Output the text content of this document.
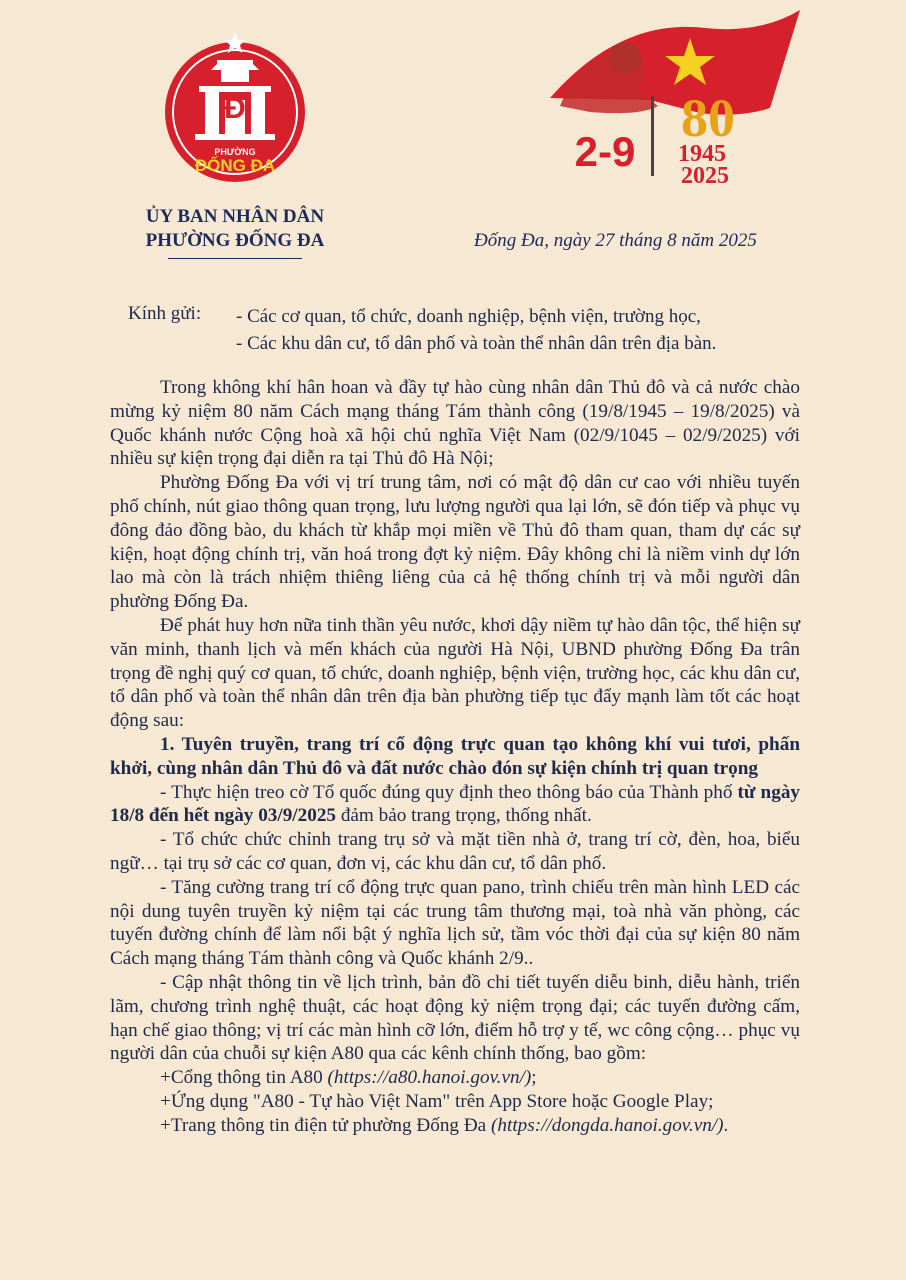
Đ
PHƯỜNG
ĐỐNG ĐA	2-9
80
1945
2025
ỦY BAN NHÂN DÂN
PHƯỜNG ĐỐNG ĐA	Đống Đa, ngày 27 tháng 8 năm 2025
Kính gửi: - Các cơ quan, tổ chức, doanh nghiệp, bệnh viện, trường học,
- Các khu dân cư, tổ dân phố và toàn thể nhân dân trên địa bàn.

Trong không khí hân hoan và đầy tự hào cùng nhân dân Thủ đô và cả nước chào mừng kỷ niệm 80 năm Cách mạng tháng Tám thành công (19/8/1945 – 19/8/2025) và Quốc khánh nước Cộng hoà xã hội chủ nghĩa Việt Nam (02/9/1045 – 02/9/2025) với nhiều sự kiện trọng đại diễn ra tại Thủ đô Hà Nội;

Phường Đống Đa với vị trí trung tâm, nơi có mật độ dân cư cao với nhiều tuyến phố chính, nút giao thông quan trọng, lưu lượng người qua lại lớn, sẽ đón tiếp và phục vụ đông đảo đồng bào, du khách từ khắp mọi miền về Thủ đô tham quan, tham dự các sự kiện, hoạt động chính trị, văn hoá trong đợt kỷ niệm. Đây không chỉ là niềm vinh dự lớn lao mà còn là trách nhiệm thiêng liêng của cả hệ thống chính trị và mỗi người dân phường Đống Đa.

Để phát huy hơn nữa tinh thần yêu nước, khơi dậy niềm tự hào dân tộc, thể hiện sự văn minh, thanh lịch và mến khách của người Hà Nội, UBND phường Đống Đa trân trọng đề nghị quý cơ quan, tổ chức, doanh nghiệp, bệnh viện, trường học, các khu dân cư, tổ dân phố và toàn thể nhân dân trên địa bàn phường tiếp tục đẩy mạnh làm tốt các hoạt động sau:

1. Tuyên truyền, trang trí cổ động trực quan tạo không khí vui tươi, phấn khởi, cùng nhân dân Thủ đô và đất nước chào đón sự kiện chính trị quan trọng

- Thực hiện treo cờ Tổ quốc đúng quy định theo thông báo của Thành phố từ ngày 18/8 đến hết ngày 03/9/2025 đảm bảo trang trọng, thống nhất.

- Tổ chức chức chỉnh trang trụ sở và mặt tiền nhà ở, trang trí cờ, đèn, hoa, biểu ngữ… tại trụ sở các cơ quan, đơn vị, các khu dân cư, tổ dân phố.

- Tăng cường trang trí cổ động trực quan pano, trình chiếu trên màn hình LED các nội dung tuyên truyền kỷ niệm tại các trung tâm thương mại, toà nhà văn phòng, các tuyến đường chính để làm nổi bật ý nghĩa lịch sử, tầm vóc thời đại của sự kiện 80 năm Cách mạng tháng Tám thành công và Quốc khánh 2/9..

- Cập nhật thông tin về lịch trình, bản đồ chi tiết tuyến diễu binh, diễu hành, triển lãm, chương trình nghệ thuật, các hoạt động kỷ niệm trọng đại; các tuyến đường cấm, hạn chế giao thông; vị trí các màn hình cỡ lớn, điểm hỗ trợ y tế, wc công cộng… phục vụ người dân của chuỗi sự kiện A80 qua các kênh chính thống, bao gồm:

+Cổng thông tin A80 (https://a80.hanoi.gov.vn/);

+Ứng dụng "A80 - Tự hào Việt Nam" trên App Store hoặc Google Play;

+Trang thông tin điện tử phường Đống Đa (https://dongda.hanoi.gov.vn/).
